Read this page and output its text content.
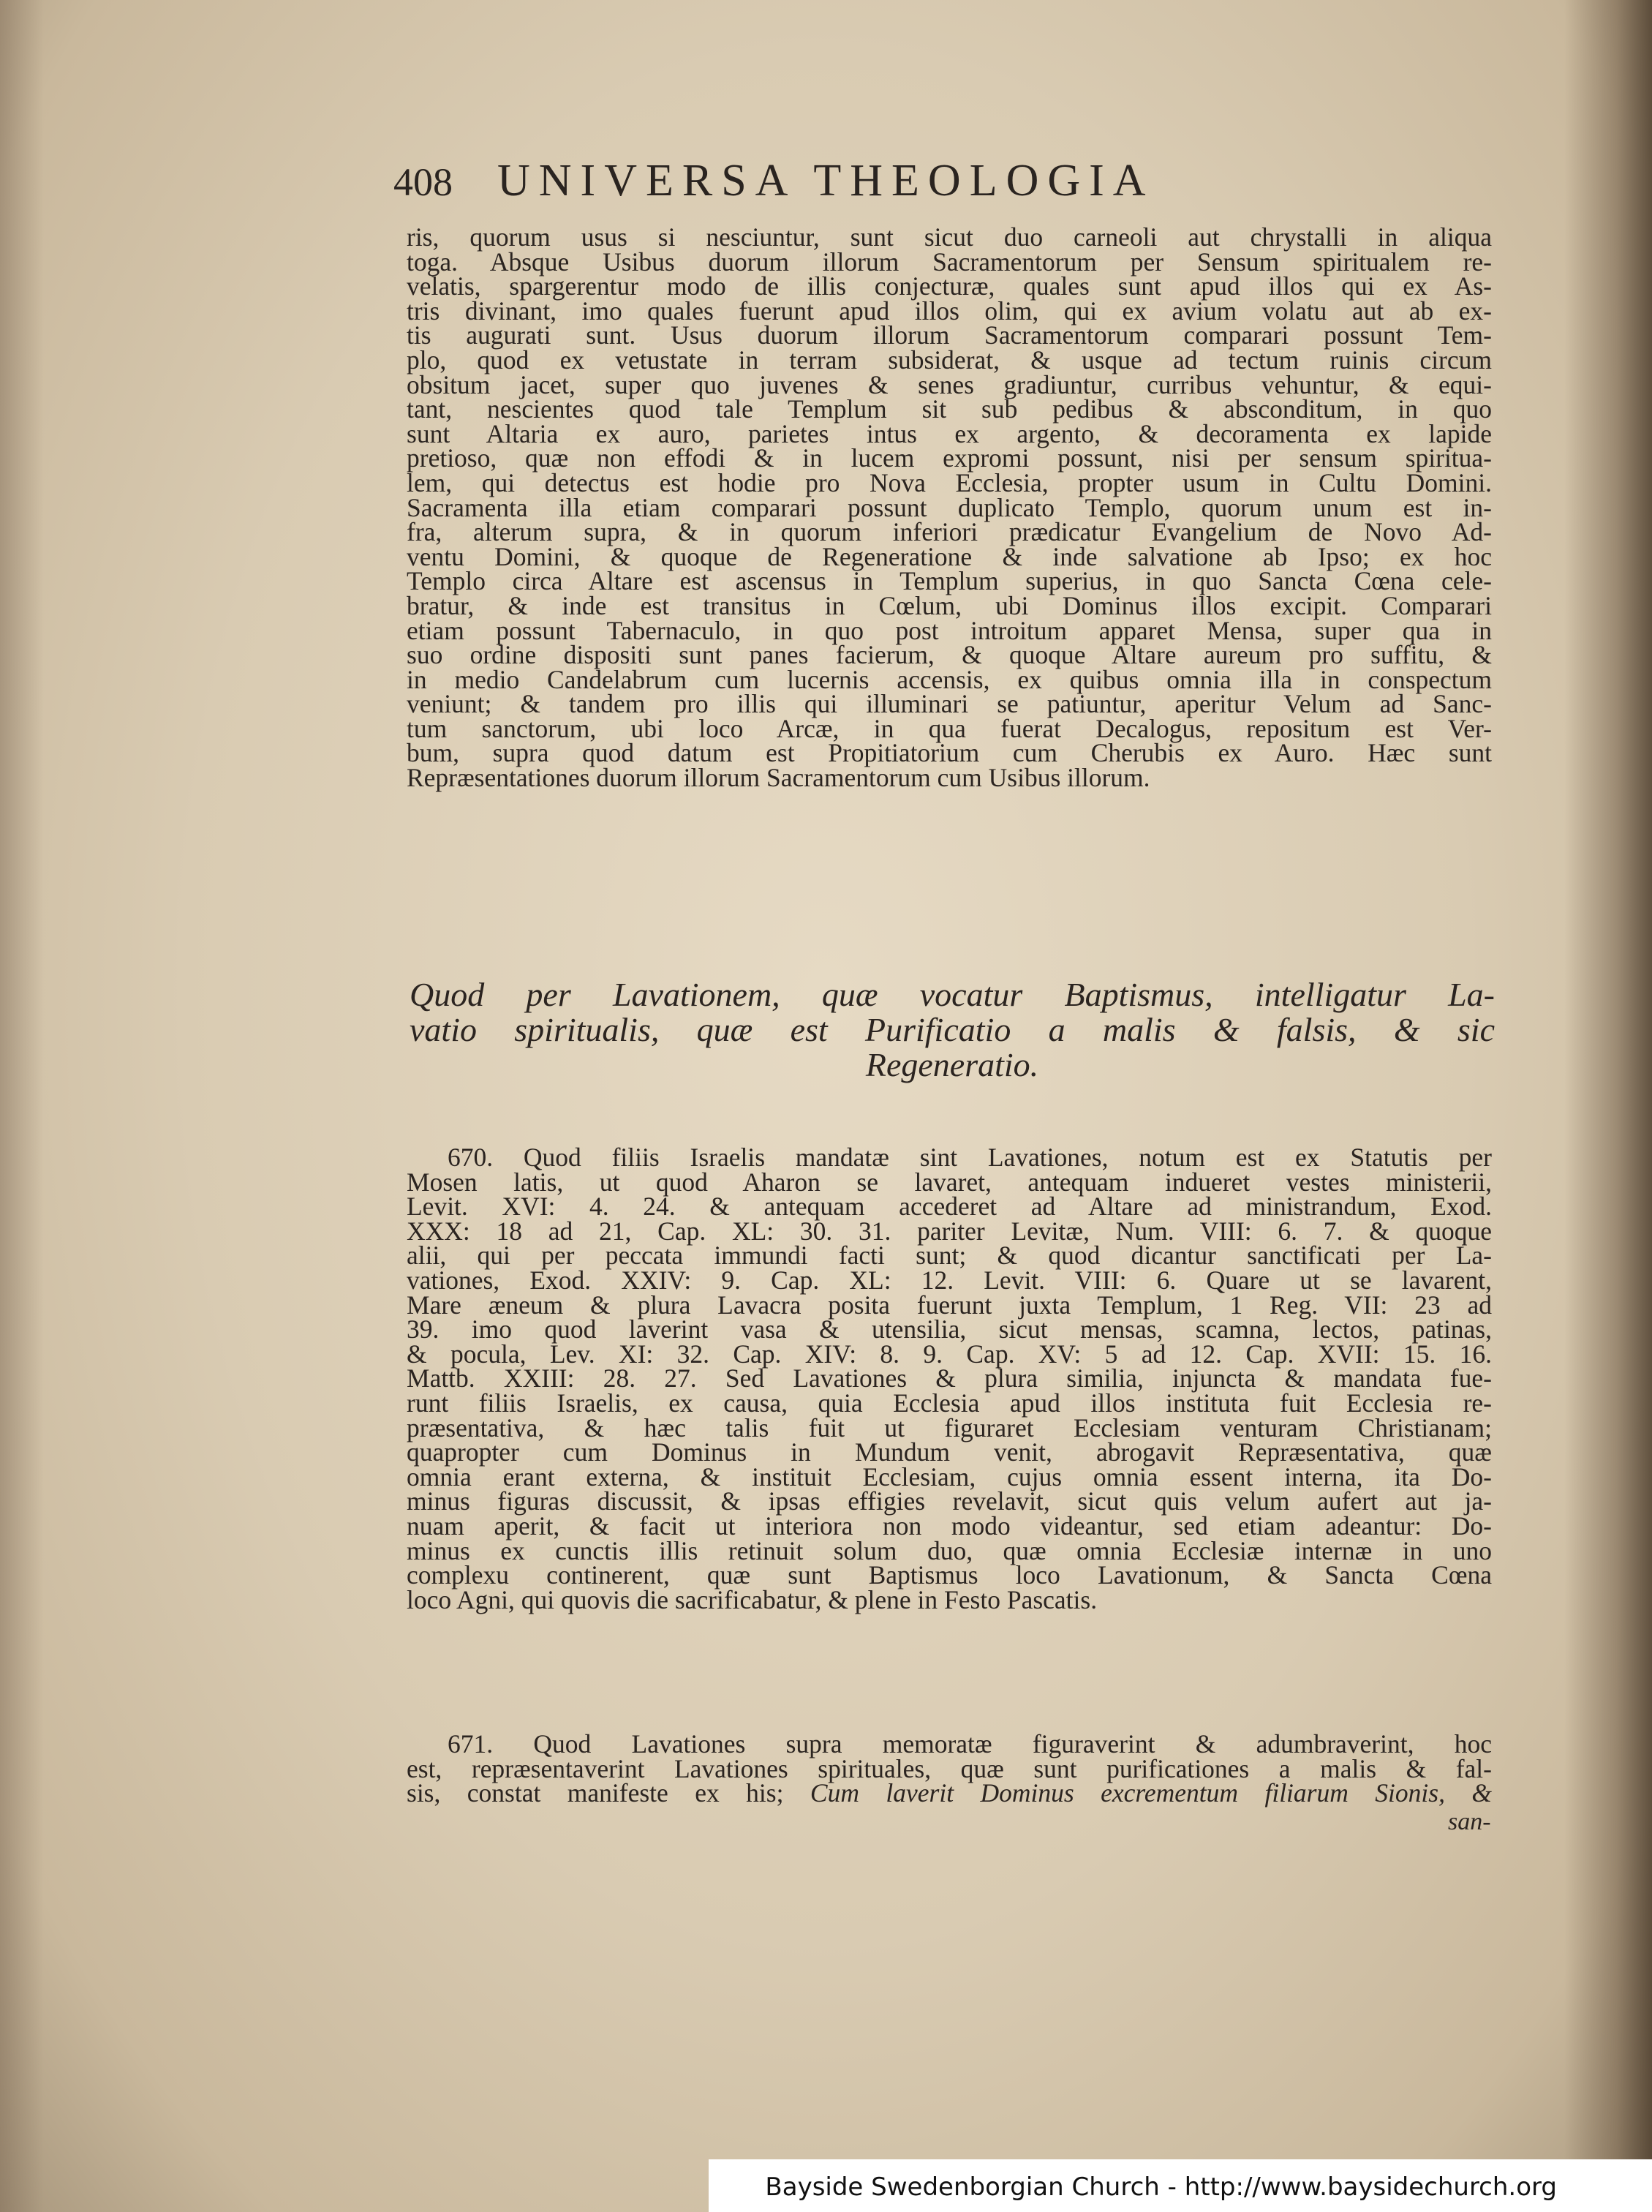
408 UNIVERSA THEOLOGIA
ris, quorum usus si nesciuntur, sunt sicut duo carneoli aut chrystalli in aliqua
toga. Absque Usibus duorum illorum Sacramentorum per Sensum spiritualem re-
velatis, spargerentur modo de illis conjecturæ, quales sunt apud illos qui ex As-
tris divinant, imo quales fuerunt apud illos olim, qui ex avium volatu aut ab ex-
tis augurati sunt. Usus duorum illorum Sacramentorum comparari possunt Tem-
plo, quod ex vetustate in terram subsiderat, & usque ad tectum ruinis circum
obsitum jacet, super quo juvenes & senes gradiuntur, curribus vehuntur, & equi-
tant, nescientes quod tale Templum sit sub pedibus & absconditum, in quo
sunt Altaria ex auro, parietes intus ex argento, & decoramenta ex lapide
pretioso, quæ non effodi & in lucem expromi possunt, nisi per sensum spiritua-
lem, qui detectus est hodie pro Nova Ecclesia, propter usum in Cultu Domini.
Sacramenta illa etiam comparari possunt duplicato Templo, quorum unum est in-
fra, alterum supra, & in quorum inferiori prædicatur Evangelium de Novo Ad-
ventu Domini, & quoque de Regeneratione & inde salvatione ab Ipso; ex hoc
Templo circa Altare est ascensus in Templum superius, in quo Sancta Cœna cele-
bratur, & inde est transitus in Cœlum, ubi Dominus illos excipit. Comparari
etiam possunt Tabernaculo, in quo post introitum apparet Mensa, super qua in
suo ordine dispositi sunt panes facierum, & quoque Altare aureum pro suffitu, &
in medio Candelabrum cum lucernis accensis, ex quibus omnia illa in conspectum
veniunt; & tandem pro illis qui illuminari se patiuntur, aperitur Velum ad Sanc-
tum sanctorum, ubi loco Arcæ, in qua fuerat Decalogus, repositum est Ver-
bum, supra quod datum est Propitiatorium cum Cherubis ex Auro. Hæc sunt
Repræsentationes duorum illorum Sacramentorum cum Usibus illorum.
Quod per Lavationem, quæ vocatur Baptismus, intelligatur La-
vatio spiritualis, quæ est Purificatio a malis & falsis, & sic
Regeneratio.
670. Quod filiis Israelis mandatæ sint Lavationes, notum est ex Statutis per
Mosen latis, ut quod Aharon se lavaret, antequam indueret vestes ministerii,
Levit. XVI: 4. 24. & antequam accederet ad Altare ad ministrandum, Exod.
XXX: 18 ad 21, Cap. XL: 30. 31. pariter Levitæ, Num. VIII: 6. 7. & quoque
alii, qui per peccata immundi facti sunt; & quod dicantur sanctificati per La-
vationes, Exod. XXIV: 9. Cap. XL: 12. Levit. VIII: 6. Quare ut se lavarent,
Mare æneum & plura Lavacra posita fuerunt juxta Templum, 1 Reg. VII: 23 ad
39. imo quod laverint vasa & utensilia, sicut mensas, scamna, lectos, patinas,
& pocula, Lev. XI: 32. Cap. XIV: 8. 9. Cap. XV: 5 ad 12. Cap. XVII: 15. 16.
Mattb. XXIII: 28. 27. Sed Lavationes & plura similia, injuncta & mandata fue-
runt filiis Israelis, ex causa, quia Ecclesia apud illos instituta fuit Ecclesia re-
præsentativa, & hæc talis fuit ut figuraret Ecclesiam venturam Christianam;
quapropter cum Dominus in Mundum venit, abrogavit Repræsentativa, quæ
omnia erant externa, & instituit Ecclesiam, cujus omnia essent interna, ita Do-
minus figuras discussit, & ipsas effigies revelavit, sicut quis velum aufert aut ja-
nuam aperit, & facit ut interiora non modo videantur, sed etiam adeantur: Do-
minus ex cunctis illis retinuit solum duo, quæ omnia Ecclesiæ internæ in uno
complexu continerent, quæ sunt Baptismus loco Lavationum, & Sancta Cœna
loco Agni, qui quovis die sacrificabatur, & plene in Festo Pascatis.
671. Quod Lavationes supra memoratæ figuraverint & adumbraverint, hoc
est, repræsentaverint Lavationes spirituales, quæ sunt purificationes a malis & fal-
sis, constat manifeste ex his; Cum laverit Dominus excrementum filiarum Sionis, &
san-
Bayside Swedenborgian Church - http://www.baysidechurch.org
